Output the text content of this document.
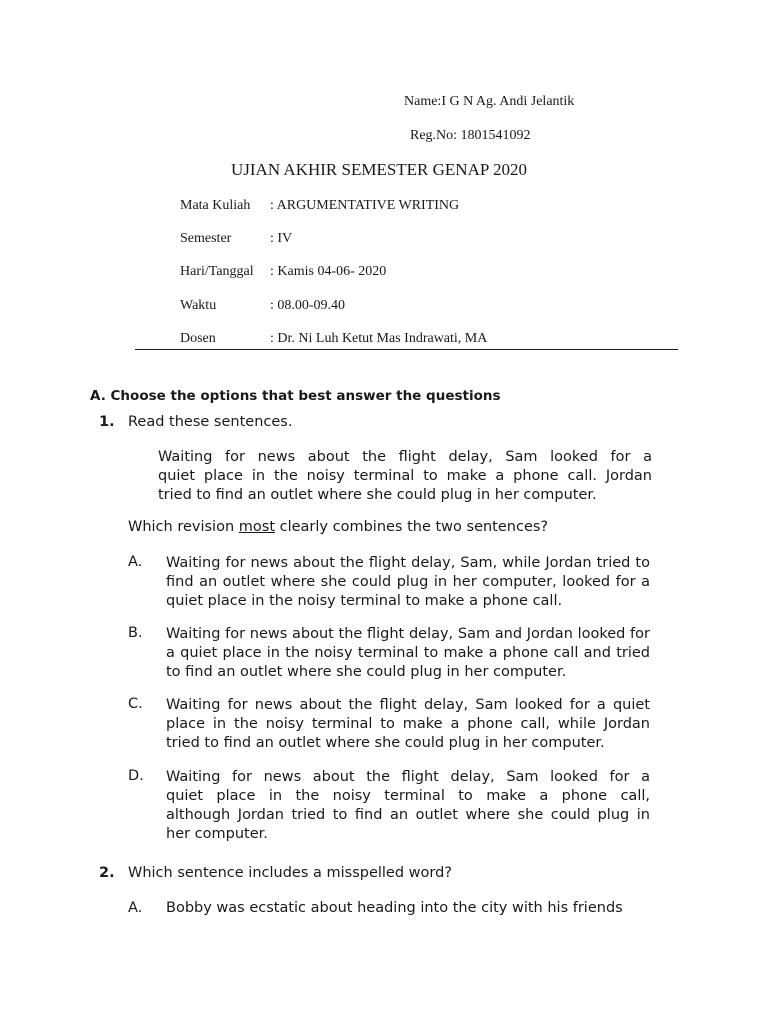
Name:I G N Ag. Andi Jelantik
Reg.No: 1801541092
UJIAN AKHIR SEMESTER GENAP 2020
Mata Kuliah : ARGUMENTATIVE WRITING
Semester	: IV
Hari/Tanggal : Kamis 04-06- 2020
Waktu	: 08.00-09.40
Dosen	: Dr. Ni Luh Ketut Mas Indrawati, MA
A. Choose the options that best answer the questions
1. Read these sentences.
Waiting for news about the flight delay, Sam looked for a
quiet place in the noisy terminal to make a phone call. Jordan
tried to find an outlet where she could plug in her computer.
Which revision most clearly combines the two sentences?
A. Waiting for news about the flight delay, Sam, while Jordan tried to
find an outlet where she could plug in her computer, looked for a
quiet place in the noisy terminal to make a phone call.
B. Waiting for news about the flight delay, Sam and Jordan looked for
a quiet place in the noisy terminal to make a phone call and tried
to find an outlet where she could plug in her computer.
C. Waiting for news about the flight delay, Sam looked for a quiet
place in the noisy terminal to make a phone call, while Jordan
tried to find an outlet where she could plug in her computer.
D. Waiting for news about the flight delay, Sam looked for a
quiet place in the noisy terminal to make a phone call,
although Jordan tried to find an outlet where she could plug in
her computer.
2. Which sentence includes a misspelled word?
A. Bobby was ecstatic about heading into the city with his friends
